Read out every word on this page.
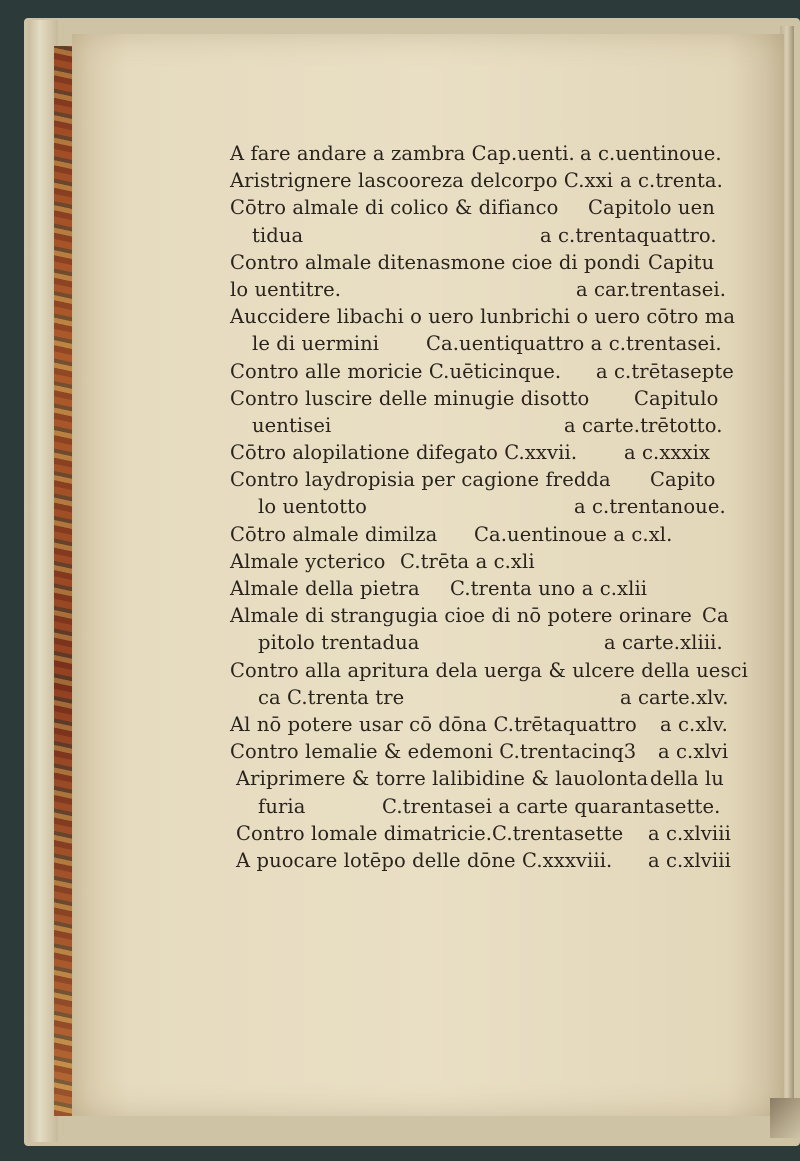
A fare andare a zambra Cap.uenti. a c.uentinoue.
Aristrignere lascooreza delcorpo C.xxi a c.trenta.
Cōtro almale di colico & difianco Capitolo uen
tidua	a c.trentaquattro.
Contro almale ditenasmone cioe di pondi Capitu
lo uentitre.	a car.trentasei.
Auccidere libachi o uero lunbrichi o uero cōtro ma
le di uermini Ca.uentiquattro a c.trentasei.
Contro alle moricie C.uēticinque. a c.trētasepte
Contro luscire delle minugie disotto Capitulo
uentisei	a carte.trētotto.
Cōtro alopilatione difegato C.xxvii. a c.xxxix
Contro laydropisia per cagione fredda Capito
lo uentotto	a c.trentanoue.
Cōtro almale dimilza Ca.uentinoue a c.xl.
Almale ycterico C.trēta a c.xli
Almale della pietra C.trenta uno a c.xlii
Almale di strangugia cioe di nō potere orinare Ca
pitolo trentadua	a carte.xliii.
Contro alla apritura dela uerga & ulcere della uesci
ca C.trenta tre	a carte.xlv.
Al nō potere usar cō dōna C.trētaquattro a c.xlv.
Contro lemalie & edemoni C.trentacinq3 a c.xlvi
Ariprimere & torre lalibidine & lauolonta della lu
furia	C.trentasei a carte quarantasette.
Contro lomale dimatricie.C.trentasette a c.xlviii
A puocare lotēpo delle dōne C.xxxviii. a c.xlviii
